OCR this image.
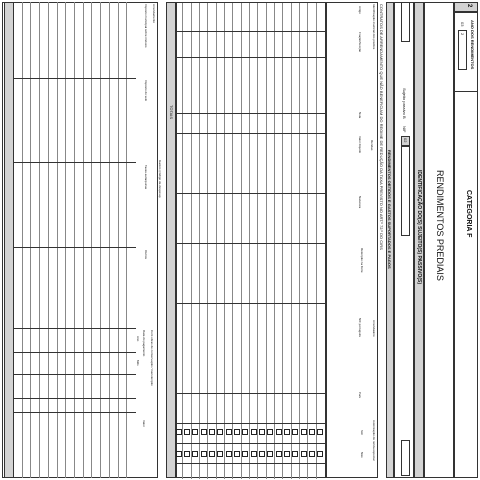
2
CATEGORIA F
ANO DOS RENDIMENTOS
03
2
RENDIMENTOS PREDIAIS
IDENTIFICAÇÃO DO(S) SUJEITO(S) PASSIVO(S)
Sujeito passivo B
NIF
02
RENDIMENTOS OBTIDOS E GASTOS SUPORTADOS E PAGOS
CONTRATOS DE ARRENDAMENTO QUE NÃO BENEFICIAM DO REGIME DE REDUÇÃO DA TAXA PREVISTO NO ART.º 72.º DO CIRS
Identificação matricial dos prédios
Artigo
Fração/Secção
Nula
Rendas
Valor ilíquido
Natureza
Retenção na fonte
Arrendatário
NIF português
País
Autorização de renda especial
Sim
Não
TOTAIS
Gastos (código da despesa)
Arrendamento
Imposto municipal sobre imóveis
Imposto do selo
Taxas autárquicas
Outros
Com obras de conservação / manutenção
Data do pagamento
Ano
Mês
Valor
